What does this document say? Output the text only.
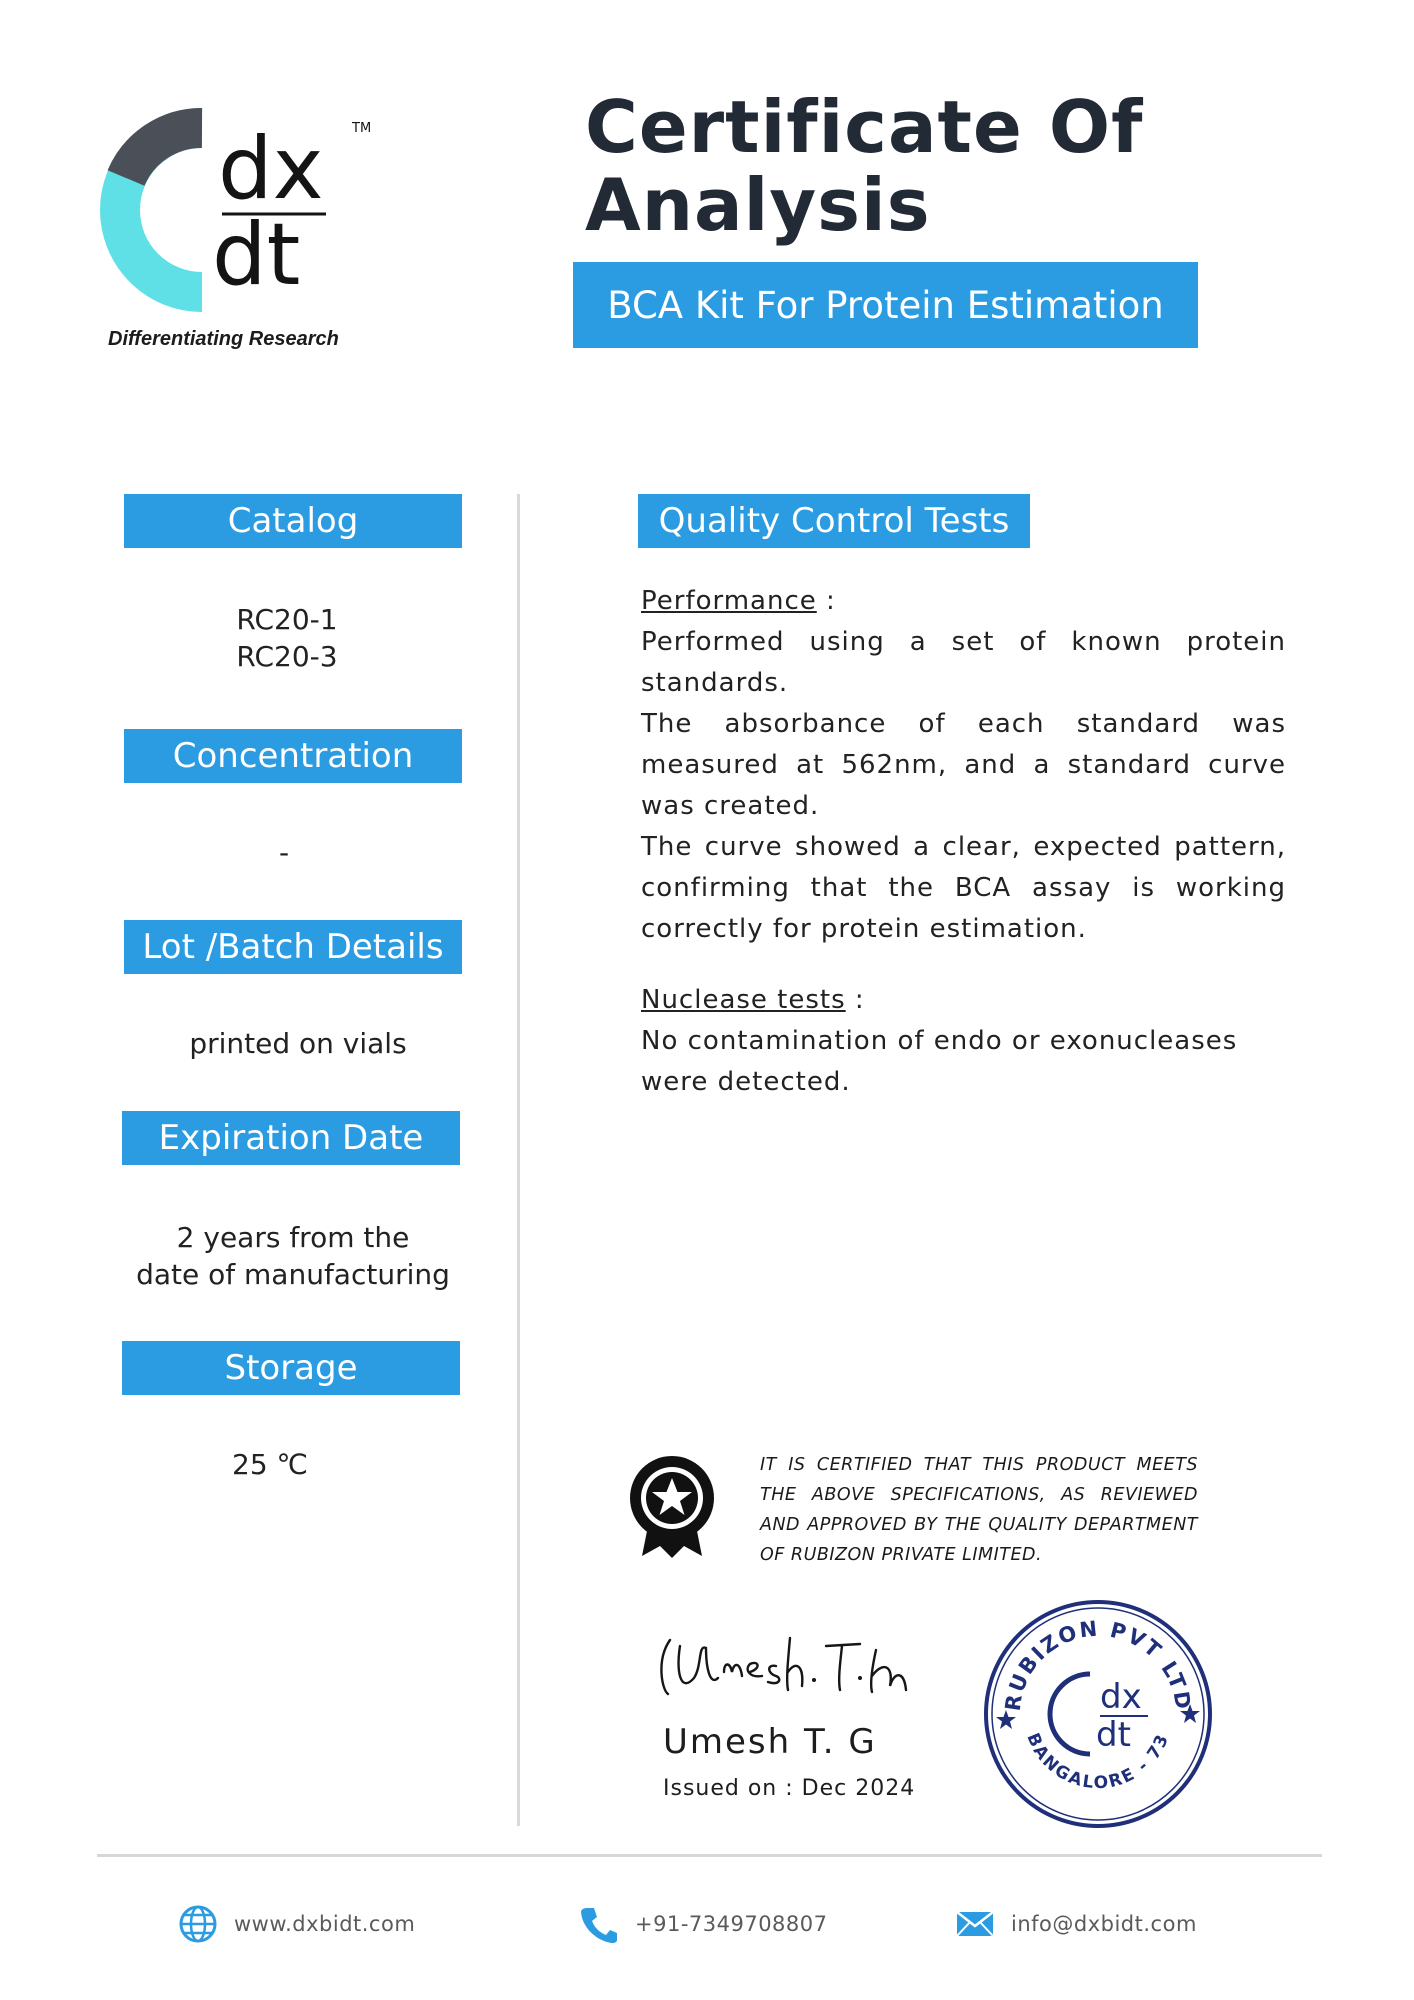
dx
dt
TM
Differentiating Research
Certificate Of
Analysis
BCA Kit For Protein Estimation
Catalog
RC20-1
RC20-3
Concentration
-
Lot /Batch Details
printed on vials
Expiration Date
2 years from the
date of manufacturing
Storage
25 ℃
Quality Control Tests

Performance :

Performed using a set of known protein standards.

The absorbance of each standard was measured at 562nm, and a standard curve was created.

The curve showed a clear, expected pattern, confirming that the BCA assay is working correctly for protein estimation.

Nuclease tests :

No contamination of endo or exonucleases were detected.

IT IS CERTIFIED THAT THIS PRODUCT MEETS THE ABOVE SPECIFICATIONS, AS REVIEWED AND APPROVED BY THE QUALITY DEPARTMENT OF RUBIZON PRIVATE LIMITED.
Umesh T. G
Issued on : Dec 2024
RUBIZON PVT LTD
BANGALORE - 73
dx
dt
www.dxbidt.com	+91-7349708807	info@dxbidt.com
